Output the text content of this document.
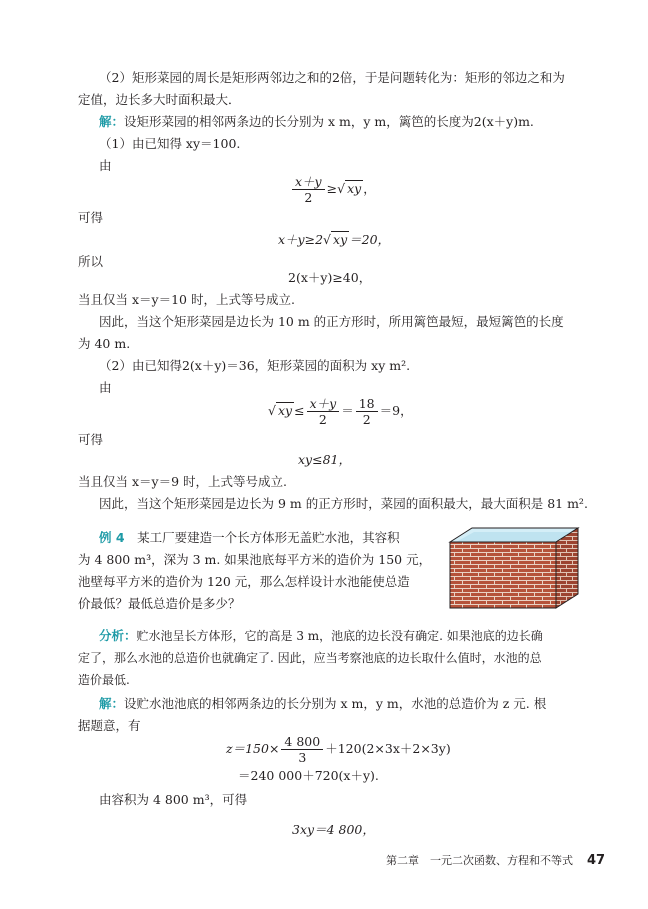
（2）矩形菜园的周长是矩形两邻边之和的2倍，于是问题转化为：矩形的邻边之和为
定值，边长多大时面积最大．
解：设矩形菜园的相邻两条边的长分别为 x m，y m，篱笆的长度为2(x＋y)m.
（1）由已知得 xy＝100.
由
$\frac{x+y}{2}$ ≥√ xy ，
可得
x＋y≥2√ xy ＝20，
所以
2(x＋y)≥40，
当且仅当 x＝y＝10 时，上式等号成立.
因此，当这个矩形菜园是边长为 10 m 的正方形时，所用篱笆最短，最短篱笆的长度
为 40 m.
（2）由已知得2(x＋y)＝36，矩形菜园的面积为 xy m².
由
√ xy ≤ $\frac{x+y}{2} = \frac{18}{2} =9$，
可得
xy≤81，
当且仅当 x＝y＝9 时，上式等号成立.
因此，当这个矩形菜园是边长为 9 m 的正方形时，菜园的面积最大，最大面积是 81 m².
例 4　 某工厂要建造一个长方体形无盖贮水池，其容积
为 4 800 m³，深为 3 m. 如果池底每平方米的造价为 150 元，
池壁每平方米的造价为 120 元，那么怎样设计水池能使总造
价最低？最低总造价是多少？
分析：贮水池呈长方体形，它的高是 3 m，池底的边长没有确定. 如果池底的边长确
定了，那么水池的总造价也就确定了. 因此，应当考察池底的边长取什么值时，水池的总
造价最低.
解：设贮水池池底的相邻两条边的长分别为 x m，y m，水池的总造价为 z 元. 根
据题意，有
$z=150\times \frac{4 800}{3} +120(2\times 3x+2\times 3y)$
＝240 000＋720(x＋y).
由容积为 4 800 m³，可得
3xy＝4 800，
第二章　一元二次函数、方程和不等式 47
